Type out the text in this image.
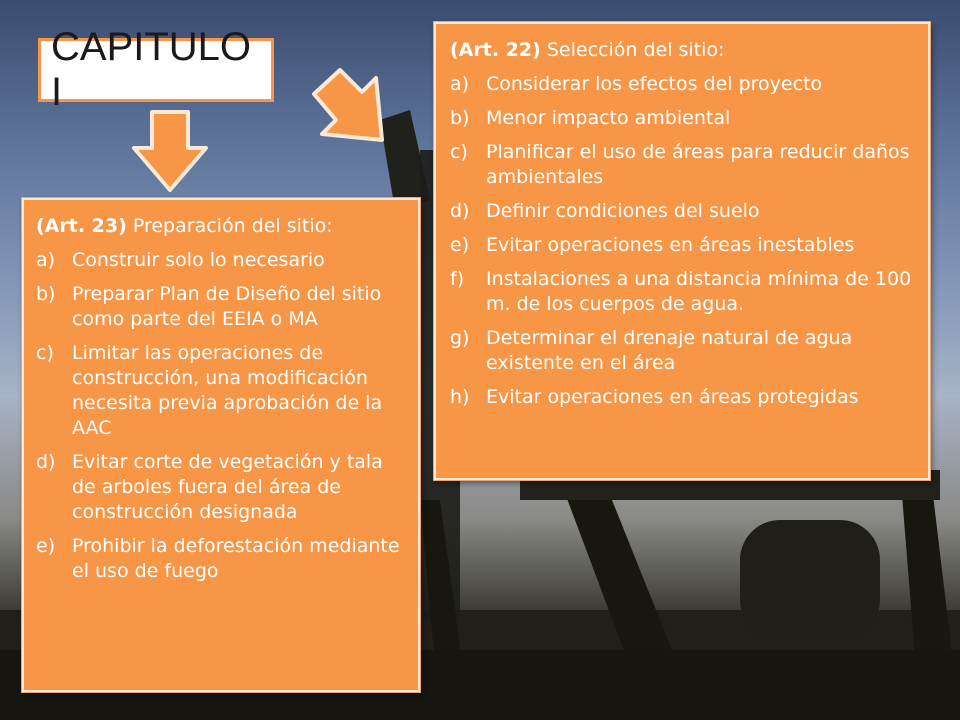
CAPITULO I
(Art. 22) Selección del sitio:
a) Considerar los efectos del proyecto
b) Menor impacto ambiental
c) Planificar el uso de áreas para reducir daños ambientales
d) Definir condiciones del suelo
e) Evitar operaciones en áreas inestables
f)	Instalaciones a una distancia mínima de 100 m. de los cuerpos de agua.
g) Determinar el drenaje natural de agua existente en el área
h) Evitar operaciones en áreas protegidas
(Art. 23) Preparación del sitio:
a) Construir solo lo necesario
b) Preparar Plan de Diseño del sitio como parte del EEIA o MA
c) Limitar las operaciones de construcción, una modificación necesita previa aprobación de la AAC
d) Evitar corte de vegetación y tala de arboles fuera del área de construcción designada
e) Prohibir la deforestación mediante el uso de fuego
